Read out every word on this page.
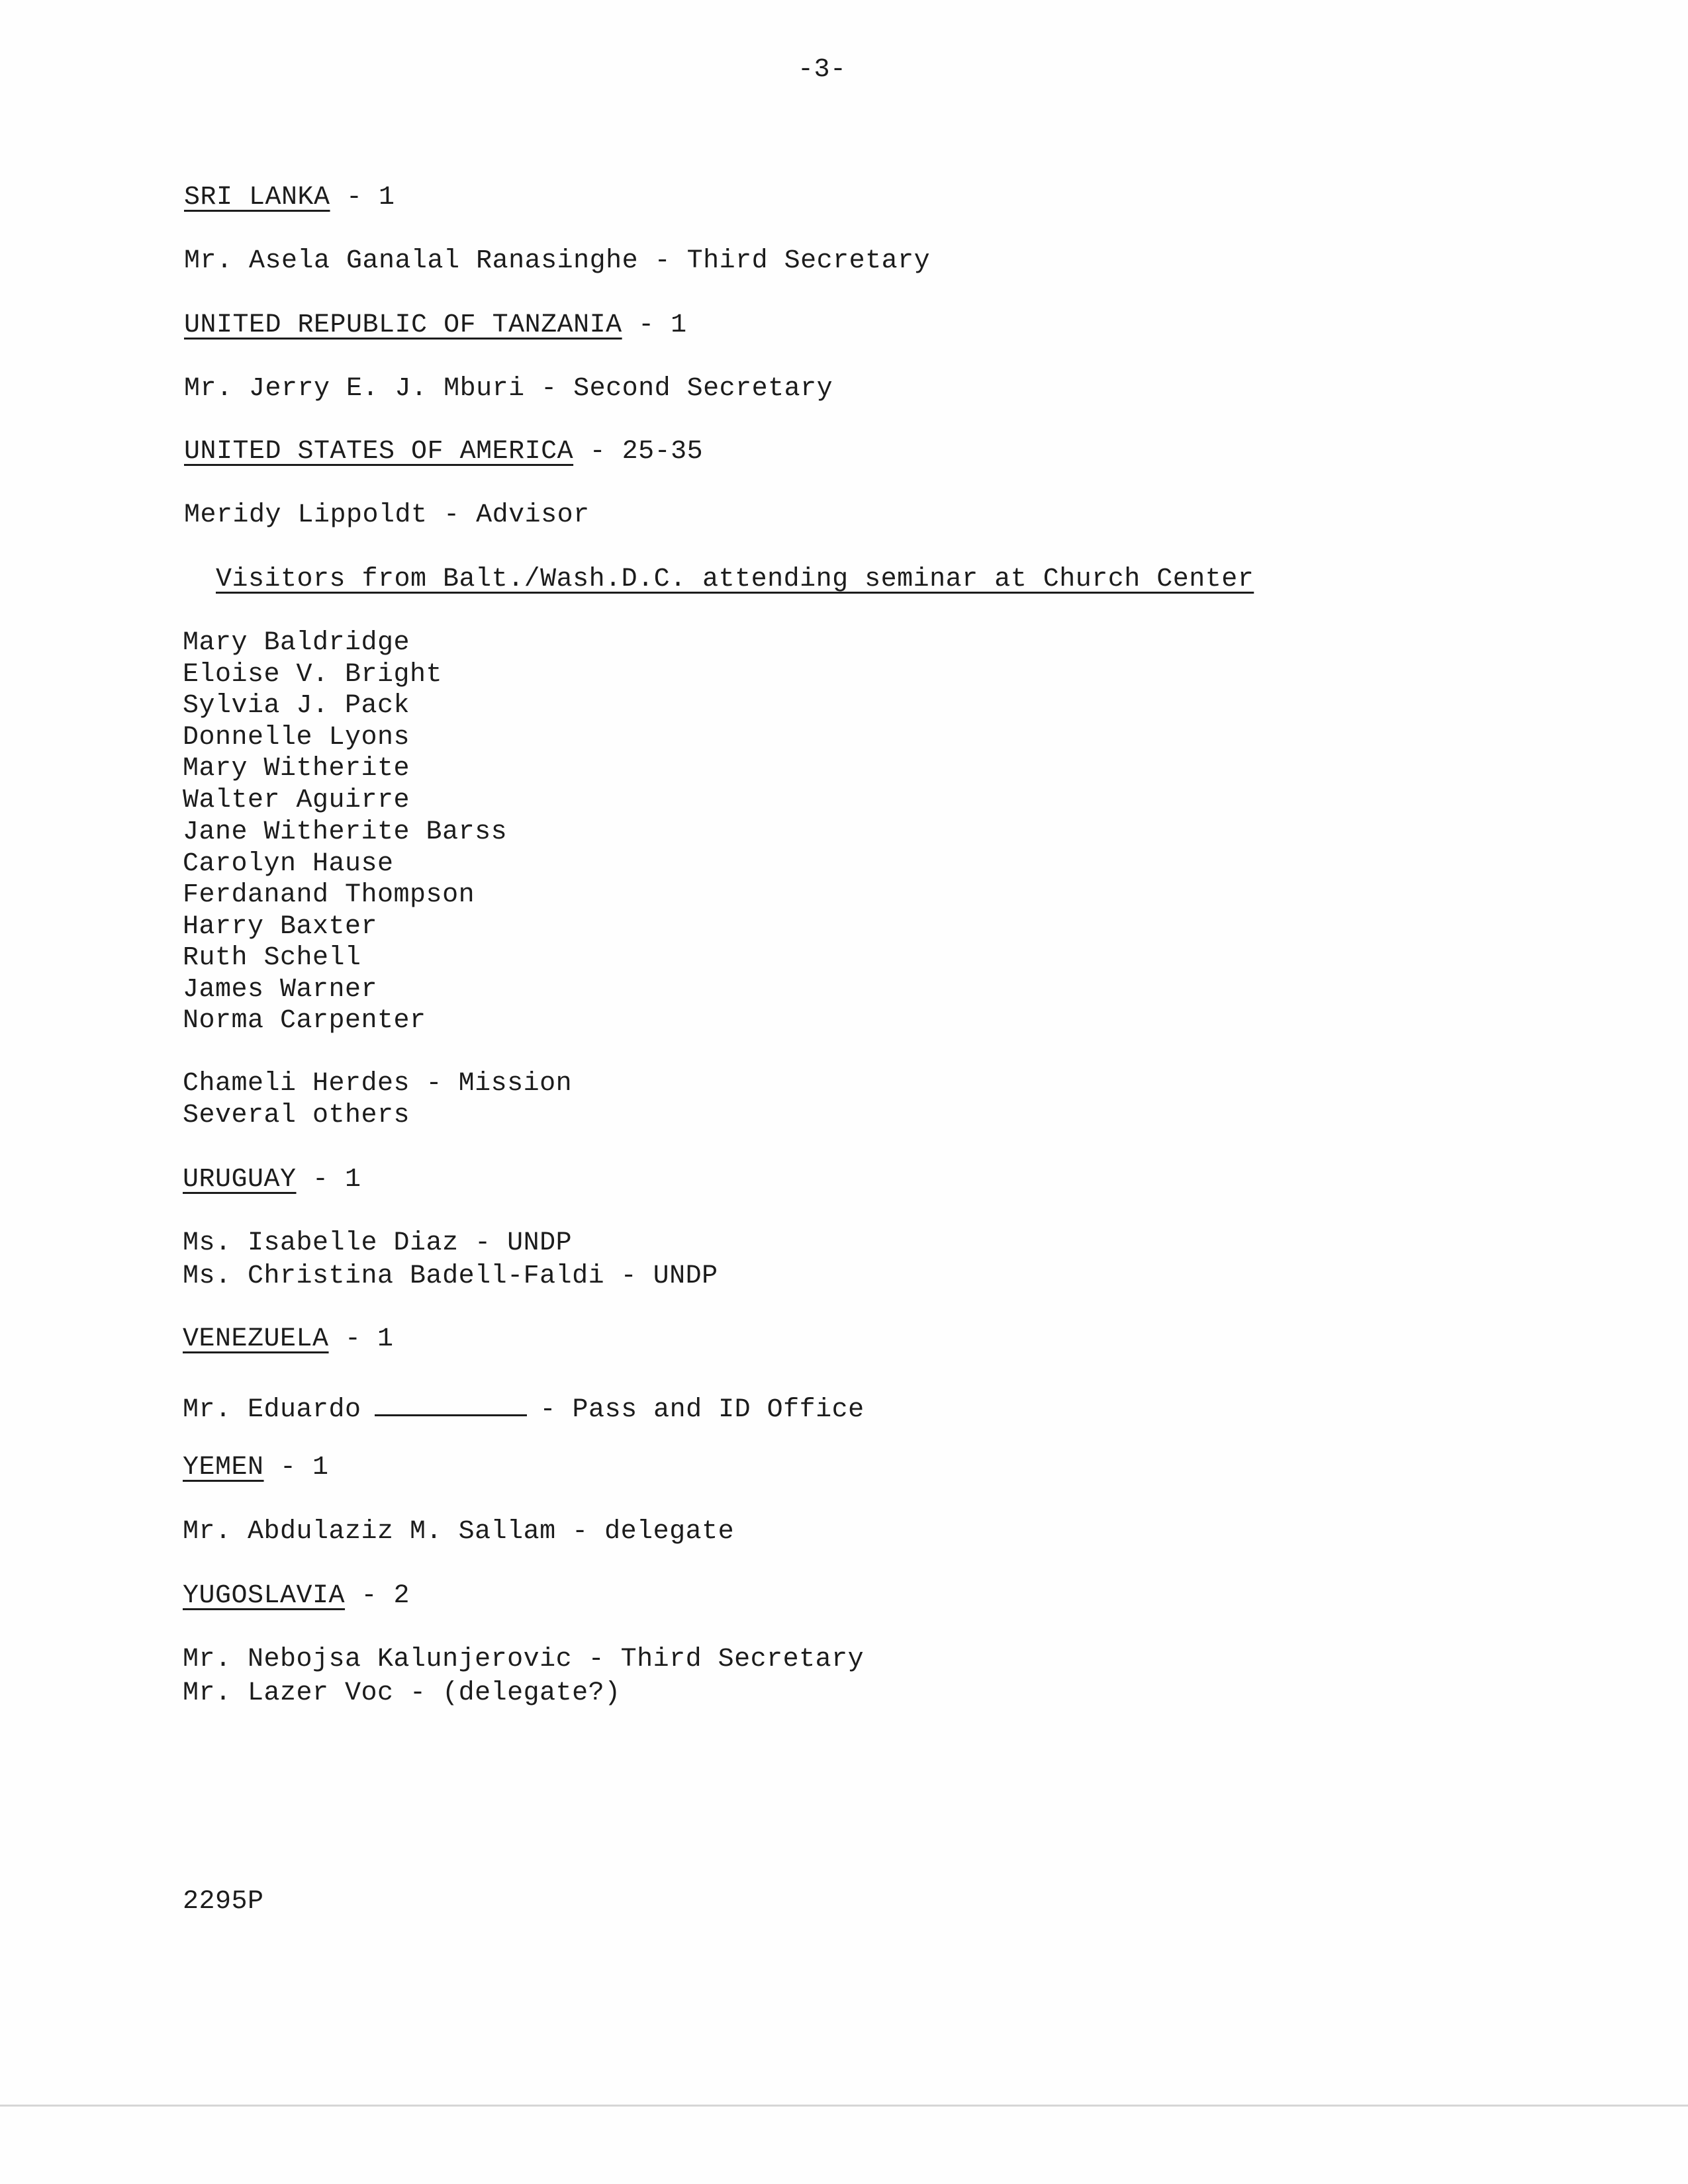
-3-
SRI LANKA - 1
Mr. Asela Ganalal Ranasinghe - Third Secretary
UNITED REPUBLIC OF TANZANIA - 1
Mr. Jerry E. J. Mburi - Second Secretary
UNITED STATES OF AMERICA - 25-35
Meridy Lippoldt - Advisor
Visitors from Balt./Wash.D.C. attending seminar at Church Center
Mary Baldridge
Eloise V. Bright
Sylvia J. Pack
Donnelle Lyons
Mary Witherite
Walter Aguirre
Jane Witherite Barss
Carolyn Hause
Ferdanand Thompson
Harry Baxter
Ruth Schell
James Warner
Norma Carpenter
Chameli Herdes - Mission
Several others
URUGUAY - 1
Ms. Isabelle Diaz - UNDP
Ms. Christina Badell-Faldi - UNDP
VENEZUELA - 1
Mr. Eduardo	- Pass and ID Office
YEMEN - 1
Mr. Abdulaziz M. Sallam - delegate
YUGOSLAVIA - 2
Mr. Nebojsa Kalunjerovic - Third Secretary
Mr. Lazer Voc - (delegate?)
2295P
